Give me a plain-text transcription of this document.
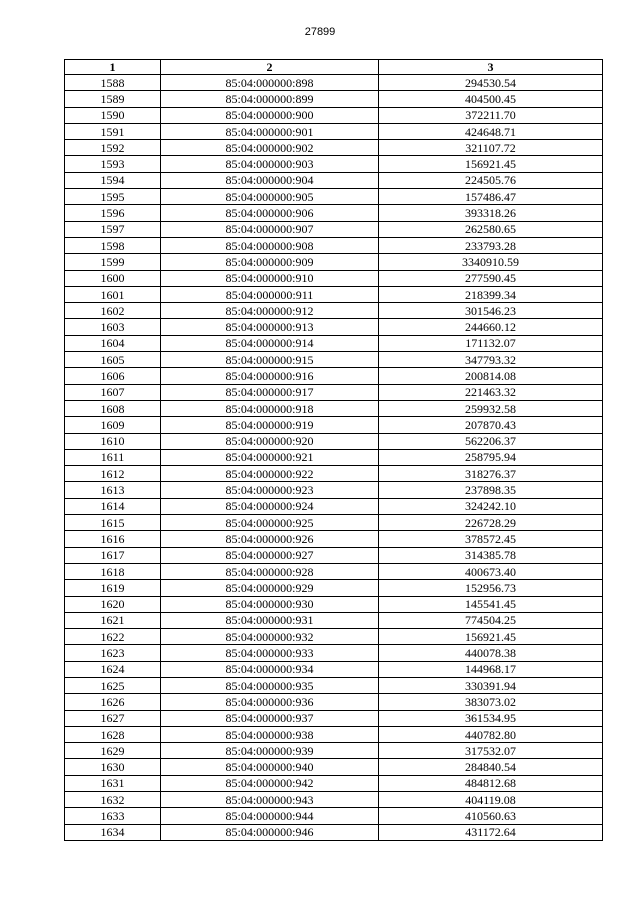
27899
1	2	3
1588	85:04:000000:898	294530.54
1589	85:04:000000:899	404500.45
1590	85:04:000000:900	372211.70
1591	85:04:000000:901	424648.71
1592	85:04:000000:902	321107.72
1593	85:04:000000:903	156921.45
1594	85:04:000000:904	224505.76
1595	85:04:000000:905	157486.47
1596	85:04:000000:906	393318.26
1597	85:04:000000:907	262580.65
1598	85:04:000000:908	233793.28
1599	85:04:000000:909	3340910.59
1600	85:04:000000:910	277590.45
1601	85:04:000000:911	218399.34
1602	85:04:000000:912	301546.23
1603	85:04:000000:913	244660.12
1604	85:04:000000:914	171132.07
1605	85:04:000000:915	347793.32
1606	85:04:000000:916	200814.08
1607	85:04:000000:917	221463.32
1608	85:04:000000:918	259932.58
1609	85:04:000000:919	207870.43
1610	85:04:000000:920	562206.37
1611	85:04:000000:921	258795.94
1612	85:04:000000:922	318276.37
1613	85:04:000000:923	237898.35
1614	85:04:000000:924	324242.10
1615	85:04:000000:925	226728.29
1616	85:04:000000:926	378572.45
1617	85:04:000000:927	314385.78
1618	85:04:000000:928	400673.40
1619	85:04:000000:929	152956.73
1620	85:04:000000:930	145541.45
1621	85:04:000000:931	774504.25
1622	85:04:000000:932	156921.45
1623	85:04:000000:933	440078.38
1624	85:04:000000:934	144968.17
1625	85:04:000000:935	330391.94
1626	85:04:000000:936	383073.02
1627	85:04:000000:937	361534.95
1628	85:04:000000:938	440782.80
1629	85:04:000000:939	317532.07
1630	85:04:000000:940	284840.54
1631	85:04:000000:942	484812.68
1632	85:04:000000:943	404119.08
1633	85:04:000000:944	410560.63
1634	85:04:000000:946	431172.64
